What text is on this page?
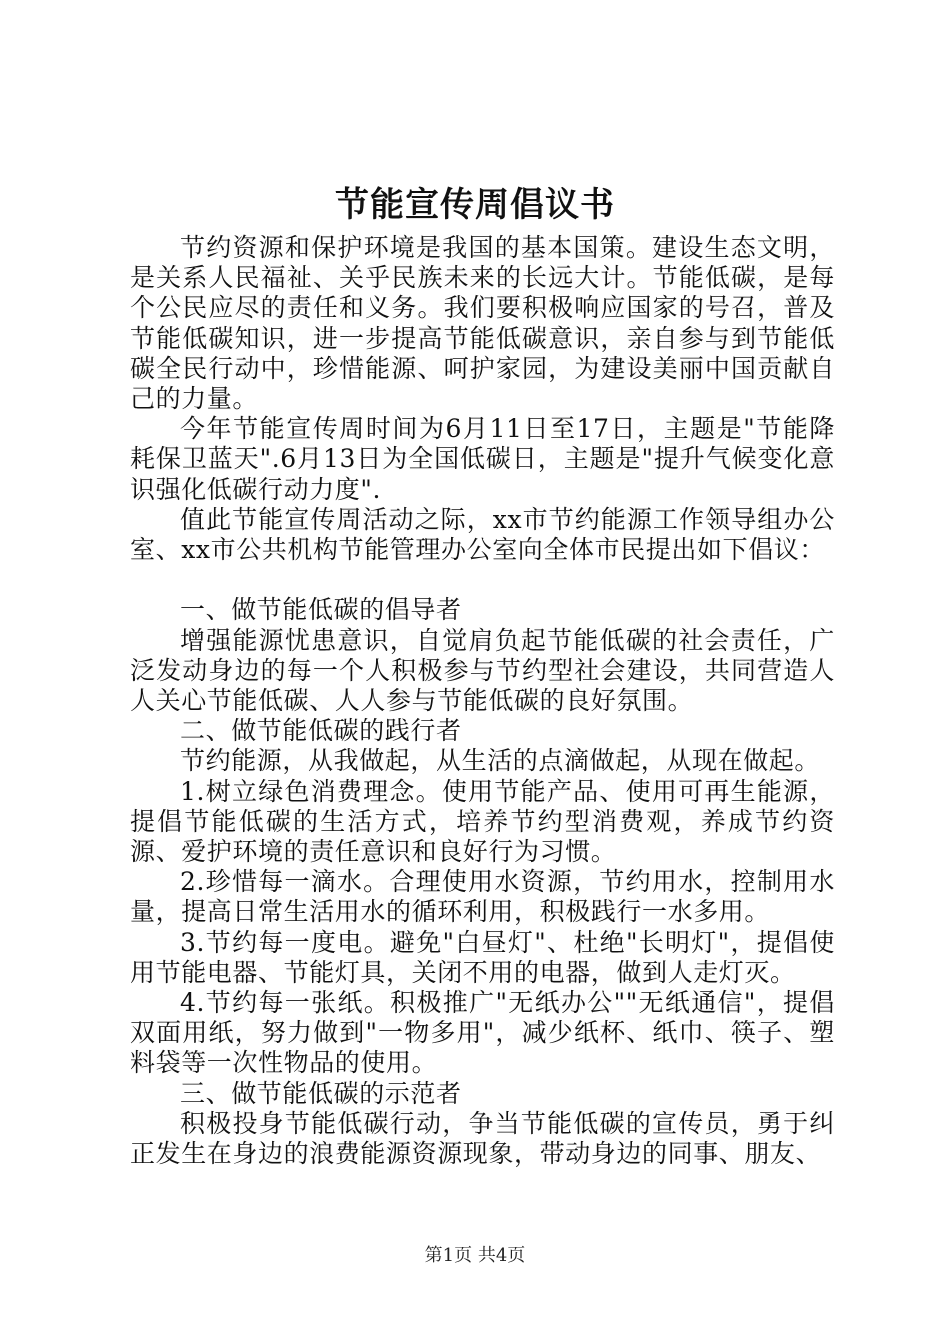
节能宣传周倡议书

节约资源和保护环境是我国的基本国策。建设生态文明，是关系人民福祉、关乎民族未来的长远大计。节能低碳，是每个公民应尽的责任和义务。我们要积极响应国家的号召，普及节能低碳知识，进一步提高节能低碳意识，亲自参与到节能低碳全民行动中，珍惜能源、呵护家园，为建设美丽中国贡献自己的力量。

今年节能宣传周时间为6月11日至17日，主题是"节能降耗保卫蓝天".6月13日为全国低碳日，主题是"提升气候变化意识强化低碳行动力度".

值此节能宣传周活动之际，xx市节约能源工作领导组办公室、xx市公共机构节能管理办公室向全体市民提出如下倡议：

一、做节能低碳的倡导者

增强能源忧患意识，自觉肩负起节能低碳的社会责任，广泛发动身边的每一个人积极参与节约型社会建设，共同营造人人关心节能低碳、人人参与节能低碳的良好氛围。

二、做节能低碳的践行者

节约能源，从我做起，从生活的点滴做起，从现在做起。

1.树立绿色消费理念。使用节能产品、使用可再生能源，提倡节能低碳的生活方式，培养节约型消费观，养成节约资源、爱护环境的责任意识和良好行为习惯。

2.珍惜每一滴水。合理使用水资源，节约用水，控制用水量，提高日常生活用水的循环利用，积极践行一水多用。

3.节约每一度电。避免"白昼灯"、杜绝"长明灯"，提倡使用节能电器、节能灯具，关闭不用的电器，做到人走灯灭。

4.节约每一张纸。积极推广"无纸办公""无纸通信"，提倡双面用纸，努力做到"一物多用"，减少纸杯、纸巾、筷子、塑料袋等一次性物品的使用。

三、做节能低碳的示范者

积极投身节能低碳行动，争当节能低碳的宣传员，勇于纠正发生在身边的浪费能源资源现象，带动身边的同事、朋友、

第1页 共4页
